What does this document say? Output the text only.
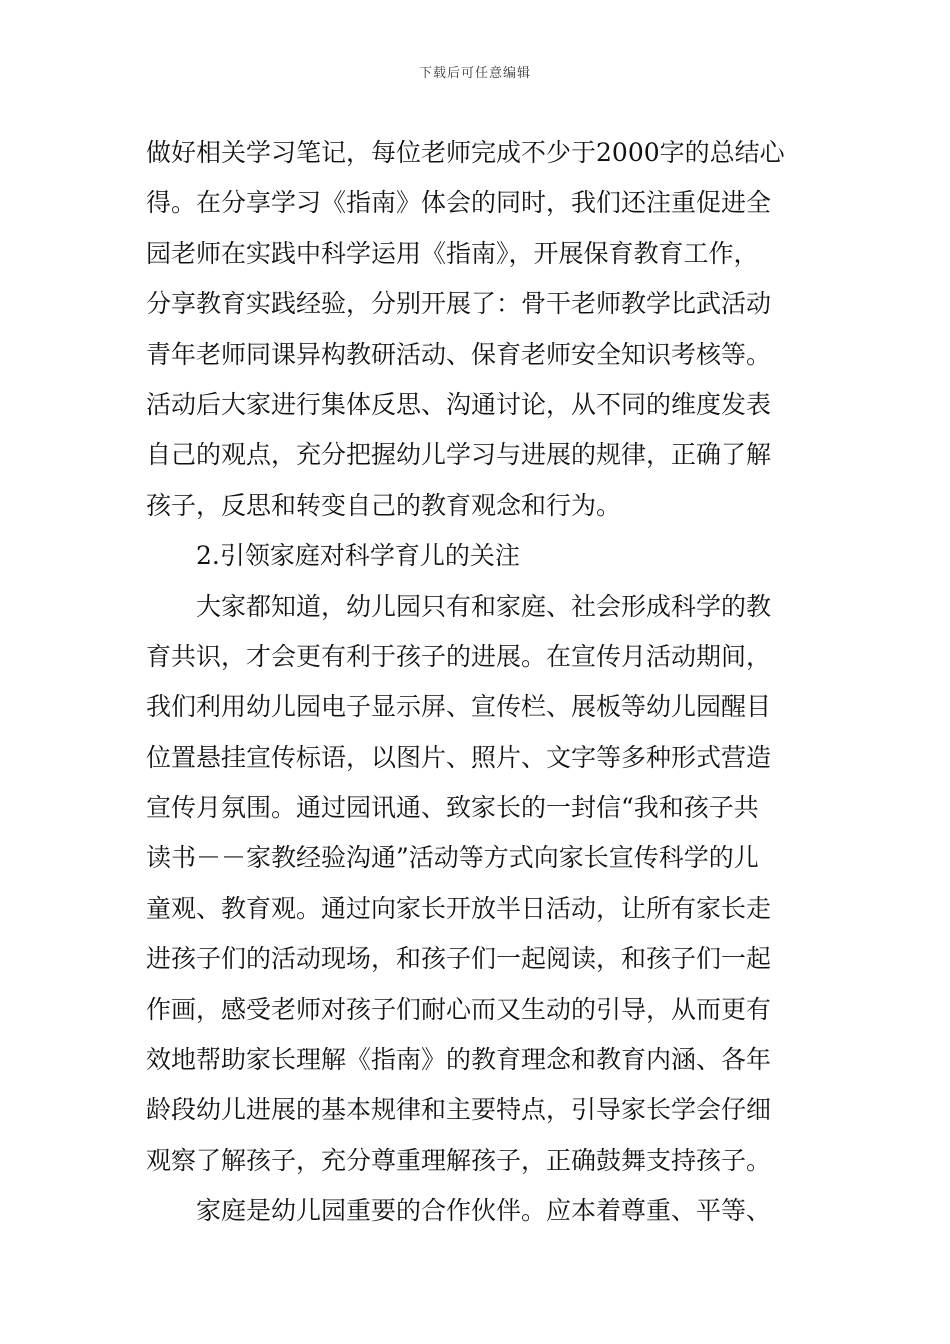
下载后可任意编辑
做好相关学习笔记，每位老师完成不少于2000字的总结心
得。在分享学习《指南》体会的同时，我们还注重促进全
园老师在实践中科学运用《指南》，开展保育教育工作，
分享教育实践经验，分别开展了：骨干老师教学比武活动
青年老师同课异构教研活动、保育老师安全知识考核等。
活动后大家进行集体反思、沟通讨论，从不同的维度发表
自己的观点，充分把握幼儿学习与进展的规律，正确了解
孩子，反思和转变自己的教育观念和行为。
2.引领家庭对科学育儿的关注
大家都知道，幼儿园只有和家庭、社会形成科学的教
育共识，才会更有利于孩子的进展。在宣传月活动期间，
我们利用幼儿园电子显示屏、宣传栏、展板等幼儿园醒目
位置悬挂宣传标语，以图片、照片、文字等多种形式营造
宣传月氛围。通过园讯通、致家长的一封信“我和孩子共
读书－－家教经验沟通”活动等方式向家长宣传科学的儿
童观、教育观。通过向家长开放半日活动，让所有家长走
进孩子们的活动现场，和孩子们一起阅读，和孩子们一起
作画，感受老师对孩子们耐心而又生动的引导，从而更有
效地帮助家长理解《指南》的教育理念和教育内涵、各年
龄段幼儿进展的基本规律和主要特点，引导家长学会仔细
观察了解孩子，充分尊重理解孩子，正确鼓舞支持孩子。
家庭是幼儿园重要的合作伙伴。应本着尊重、平等、
